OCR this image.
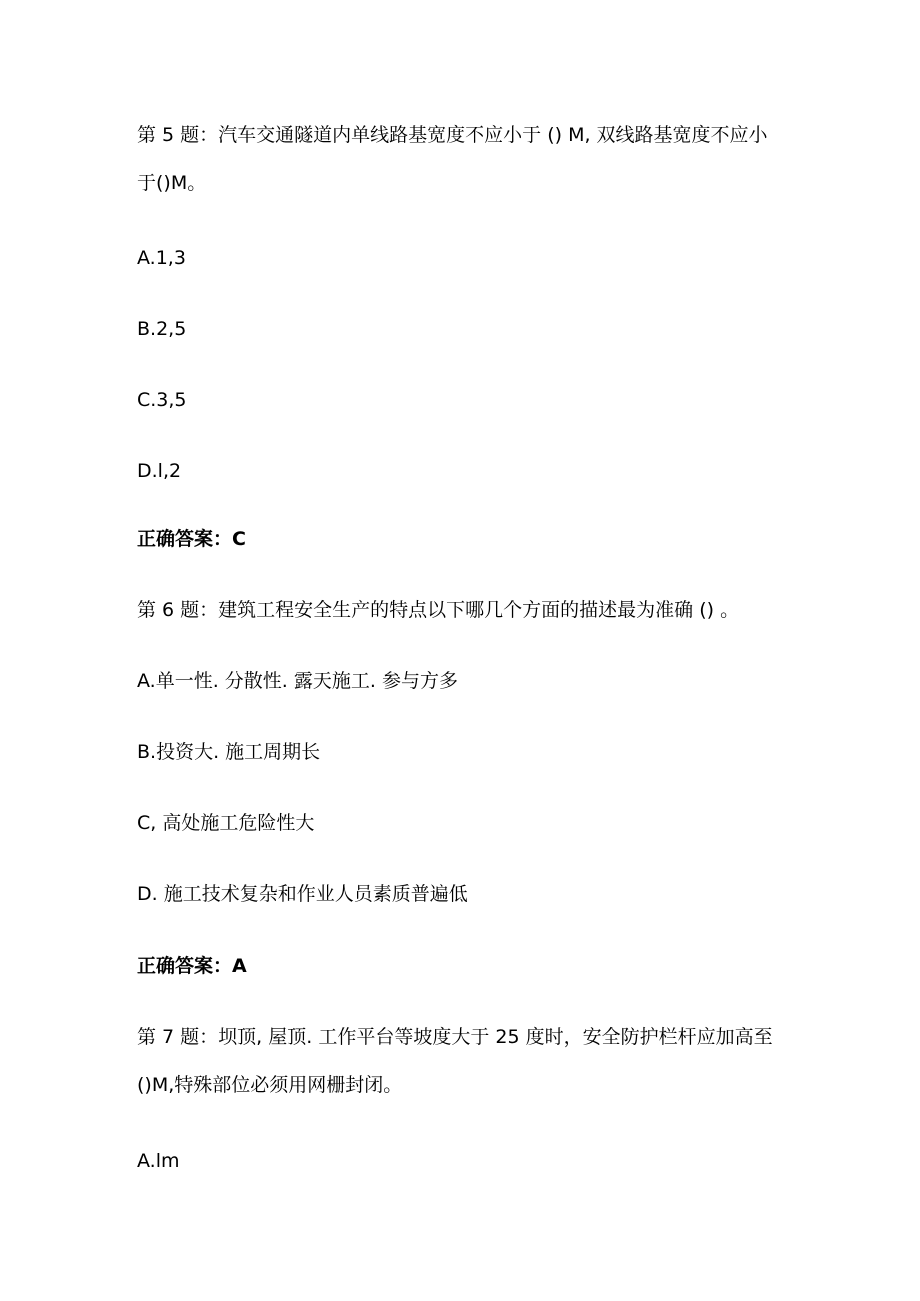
第 5 题：汽车交通隧道内单线路基宽度不应小于 () M, 双线路基宽度不应小

于()M。

A.1,3

B.2,5

C.3,5

D.l,2

正确答案：C

第 6 题：建筑工程安全生产的特点以下哪几个方面的描述最为准确 () 。

A.单一性. 分散性. 露天施工. 参与方多

B.投资大. 施工周期长

C, 高处施工危险性大

D. 施工技术复杂和作业人员素质普遍低

正确答案：A

第 7 题：坝顶, 屋顶. 工作平台等坡度大于 25 度时，安全防护栏杆应加高至

()M,特殊部位必须用网栅封闭。

A.lm
